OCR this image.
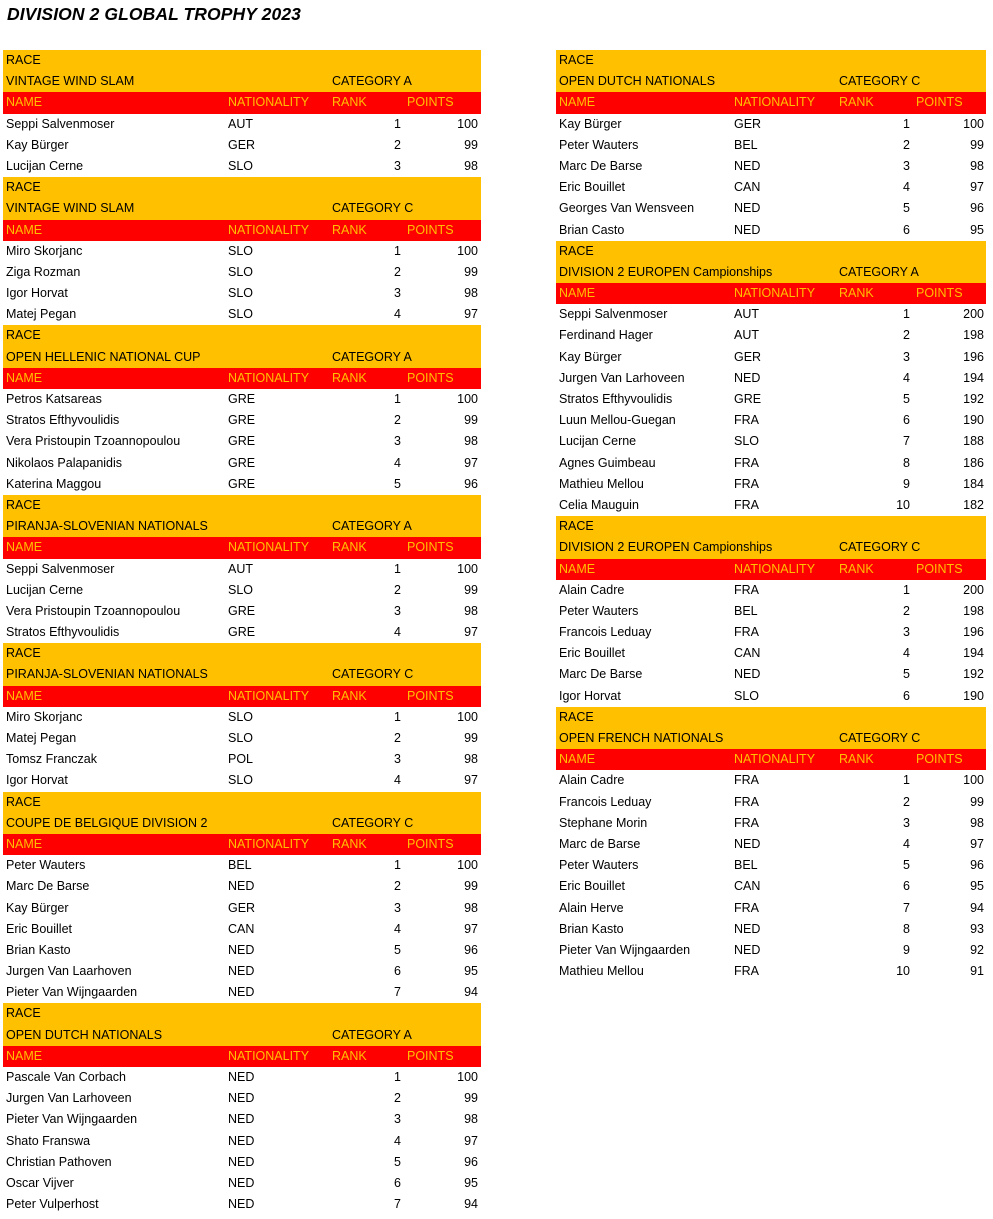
DIVISION 2 GLOBAL TROPHY 2023
RACE
VINTAGE WIND SLAM	CATEGORY A
NAME	NATIONALITY RANK	POINTS
Seppi Salvenmoser	AUT	1	100
Kay Bürger	GER	2	99
Lucijan Cerne	SLO	3	98
RACE
VINTAGE WIND SLAM	CATEGORY C
NAME	NATIONALITY RANK	POINTS
Miro Skorjanc	SLO	1	100
Ziga Rozman	SLO	2	99
Igor Horvat	SLO	3	98
Matej Pegan	SLO	4	97
RACE
OPEN HELLENIC NATIONAL CUP	CATEGORY A
NAME	NATIONALITY RANK	POINTS
Petros Katsareas	GRE	1	100
Stratos Efthyvoulidis	GRE	2	99
Vera Pristoupin Tzoannopoulou	GRE	3	98
Nikolaos Palapanidis	GRE	4	97
Katerina Maggou	GRE	5	96
RACE
PIRANJA-SLOVENIAN NATIONALS	CATEGORY A
NAME	NATIONALITY RANK	POINTS
Seppi Salvenmoser	AUT	1	100
Lucijan Cerne	SLO	2	99
Vera Pristoupin Tzoannopoulou	GRE	3	98
Stratos Efthyvoulidis	GRE	4	97
RACE
PIRANJA-SLOVENIAN NATIONALS	CATEGORY C
NAME	NATIONALITY RANK	POINTS
Miro Skorjanc	SLO	1	100
Matej Pegan	SLO	2	99
Tomsz Franczak	POL	3	98
Igor Horvat	SLO	4	97
RACE
COUPE DE BELGIQUE DIVISION 2	CATEGORY C
NAME	NATIONALITY RANK	POINTS
Peter Wauters	BEL	1	100
Marc De Barse	NED	2	99
Kay Bürger	GER	3	98
Eric Bouillet	CAN	4	97
Brian Kasto	NED	5	96
Jurgen Van Laarhoven	NED	6	95
Pieter Van Wijngaarden	NED	7	94
RACE
OPEN DUTCH NATIONALS	CATEGORY A
NAME	NATIONALITY RANK	POINTS
Pascale Van Corbach	NED	1	100
Jurgen Van Larhoveen	NED	2	99
Pieter Van Wijngaarden	NED	3	98
Shato Franswa	NED	4	97
Christian Pathoven	NED	5	96
Oscar Vijver	NED	6	95
Peter Vulperhost	NED	7	94
RACE
OPEN DUTCH NATIONALS	CATEGORY C
NAME	NATIONALITY RANK	POINTS
Kay Bürger	GER	1	100
Peter Wauters	BEL	2	99
Marc De Barse	NED	3	98
Eric Bouillet	CAN	4	97
Georges Van Wensveen	NED	5	96
Brian Casto	NED	6	95
RACE
DIVISION 2 EUROPEN Campionships	CATEGORY A
NAME	NATIONALITY RANK	POINTS
Seppi Salvenmoser	AUT	1	200
Ferdinand Hager	AUT	2	198
Kay Bürger	GER	3	196
Jurgen Van Larhoveen	NED	4	194
Stratos Efthyvoulidis	GRE	5	192
Luun Mellou-Guegan	FRA	6	190
Lucijan Cerne	SLO	7	188
Agnes Guimbeau	FRA	8	186
Mathieu Mellou	FRA	9	184
Celia Mauguin	FRA	10	182
RACE
DIVISION 2 EUROPEN Campionships	CATEGORY C
NAME	NATIONALITY RANK	POINTS
Alain Cadre	FRA	1	200
Peter Wauters	BEL	2	198
Francois Leduay	FRA	3	196
Eric Bouillet	CAN	4	194
Marc De Barse	NED	5	192
Igor Horvat	SLO	6	190
RACE
OPEN FRENCH NATIONALS	CATEGORY C
NAME	NATIONALITY RANK	POINTS
Alain Cadre	FRA	1	100
Francois Leduay	FRA	2	99
Stephane Morin	FRA	3	98
Marc de Barse	NED	4	97
Peter Wauters	BEL	5	96
Eric Bouillet	CAN	6	95
Alain Herve	FRA	7	94
Brian Kasto	NED	8	93
Pieter Van Wijngaarden	NED	9	92
Mathieu Mellou	FRA	10	91
